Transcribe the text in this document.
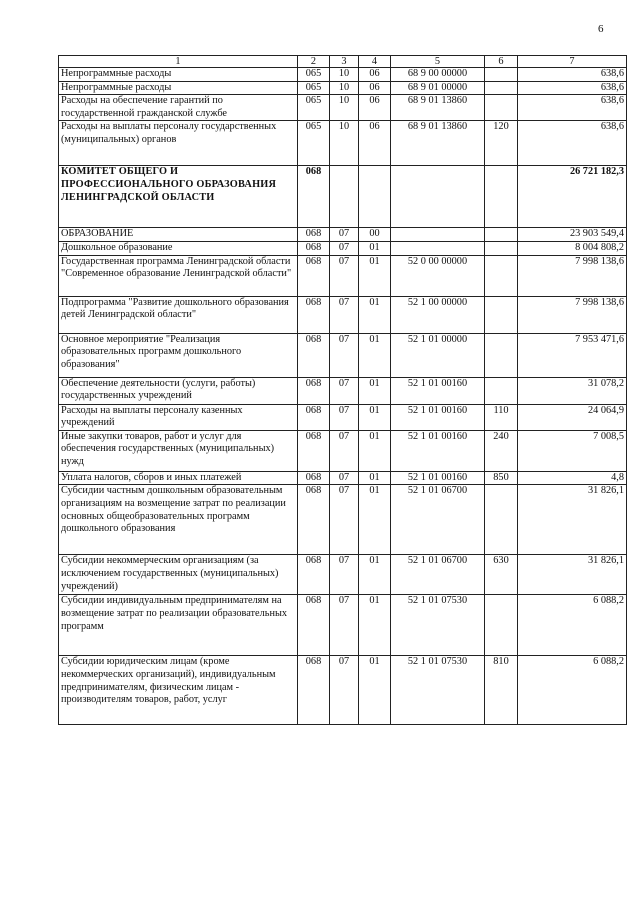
6
1	2	3	4	5	6	7
Непрограммные расходы	065	10	06	68 9 00 00000		638,6
Непрограммные расходы	065	10	06	68 9 01 00000		638,6
Расходы на обеспечение гарантий по государственной гражданской службе	065	10	06	68 9 01 13860		638,6
Расходы на выплаты персоналу государственных (муниципальных) органов	065	10	06	68 9 01 13860	120	638,6
КОМИТЕТ ОБЩЕГО И ПРОФЕССИОНАЛЬНОГО ОБРАЗОВАНИЯ ЛЕНИНГРАДСКОЙ ОБЛАСТИ	068					26 721 182,3
ОБРАЗОВАНИЕ	068	07	00			23 903 549,4
Дошкольное образование	068	07	01			8 004 808,2
Государственная программа Ленинградской области "Современное образование Ленинградской области"	068	07	01	52 0 00 00000		7 998 138,6
Подпрограмма "Развитие дошкольного образования детей Ленинградской области"	068	07	01	52 1 00 00000		7 998 138,6
Основное мероприятие "Реализация образовательных программ дошкольного образования"	068	07	01	52 1 01 00000		7 953 471,6
Обеспечение деятельности (услуги, работы) государственных учреждений	068	07	01	52 1 01 00160		31 078,2
Расходы на выплаты персоналу казенных учреждений	068	07	01	52 1 01 00160	110	24 064,9
Иные закупки товаров, работ и услуг для обеспечения государственных (муниципальных) нужд	068	07	01	52 1 01 00160	240	7 008,5
Уплата налогов, сборов и иных платежей	068	07	01	52 1 01 00160	850	4,8
Субсидии частным дошкольным образовательным организациям на возмещение затрат по реализации основных общеобразовательных программ дошкольного образования	068	07	01	52 1 01 06700		31 826,1
Субсидии некоммерческим организациям (за исключением государственных (муниципальных) учреждений)	068	07	01	52 1 01 06700	630	31 826,1
Субсидии индивидуальным предпринимателям на возмещение затрат по реализации образовательных программ	068	07	01	52 1 01 07530		6 088,2
Субсидии юридическим лицам (кроме некоммерческих организаций), индивидуальным предпринимателям, физическим лицам - производителям товаров, работ, услуг	068	07	01	52 1 01 07530	810	6 088,2
